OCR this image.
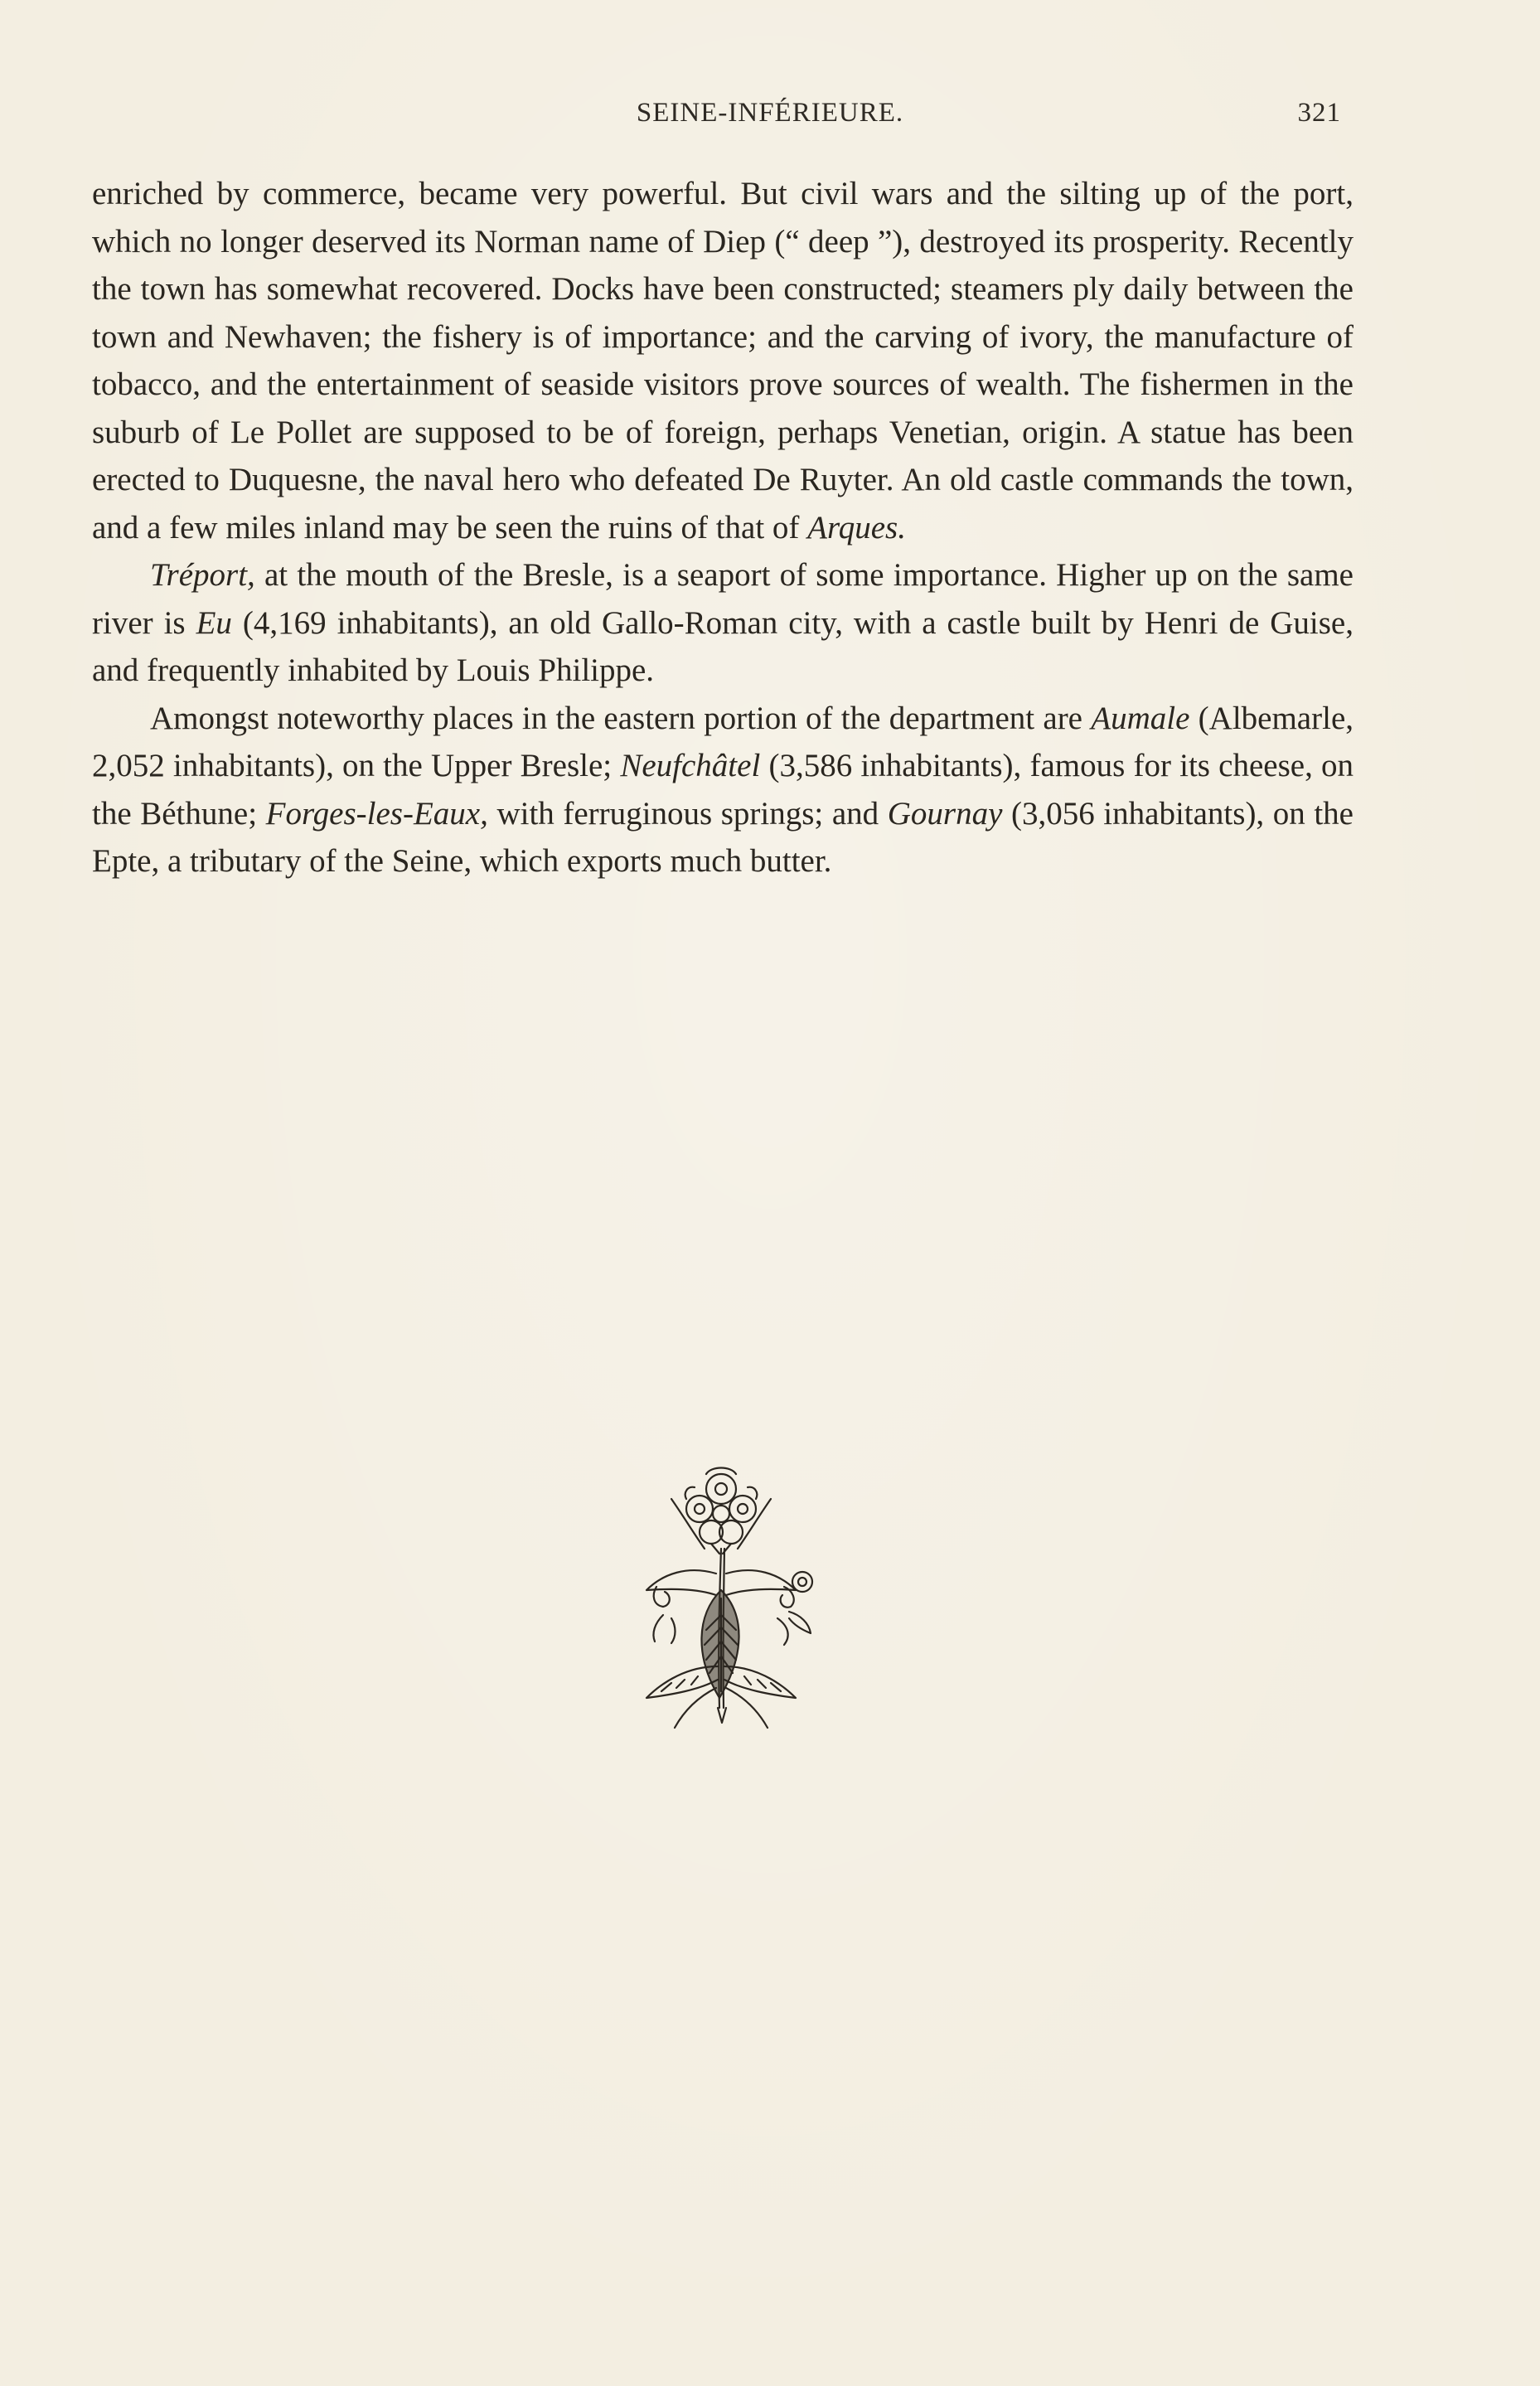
SEINE-INFÉRIEURE.	321

enriched by commerce, became very powerful. But civil wars and the silting up of the port, which no longer deserved its Norman name of Diep (“ deep ”), destroyed its prosperity. Recently the town has somewhat recovered. Docks have been constructed; steamers ply daily between the town and Newhaven; the fishery is of importance; and the carving of ivory, the manufacture of tobacco, and the entertainment of seaside visitors prove sources of wealth. The fishermen in the suburb of Le Pollet are supposed to be of foreign, perhaps Venetian, origin. A statue has been erected to Duquesne, the naval hero who defeated De Ruyter. An old castle commands the town, and a few miles inland may be seen the ruins of that of Arques.

Tréport, at the mouth of the Bresle, is a seaport of some importance. Higher up on the same river is Eu (4,169 inhabitants), an old Gallo-Roman city, with a castle built by Henri de Guise, and frequently inhabited by Louis Philippe.

Amongst noteworthy places in the eastern portion of the department are Aumale (Albemarle, 2,052 inhabitants), on the Upper Bresle; Neufchâtel (3,586 inhabitants), famous for its cheese, on the Béthune; Forges-les-Eaux, with ferruginous springs; and Gournay (3,056 inhabitants), on the Epte, a tributary of the Seine, which exports much butter.
